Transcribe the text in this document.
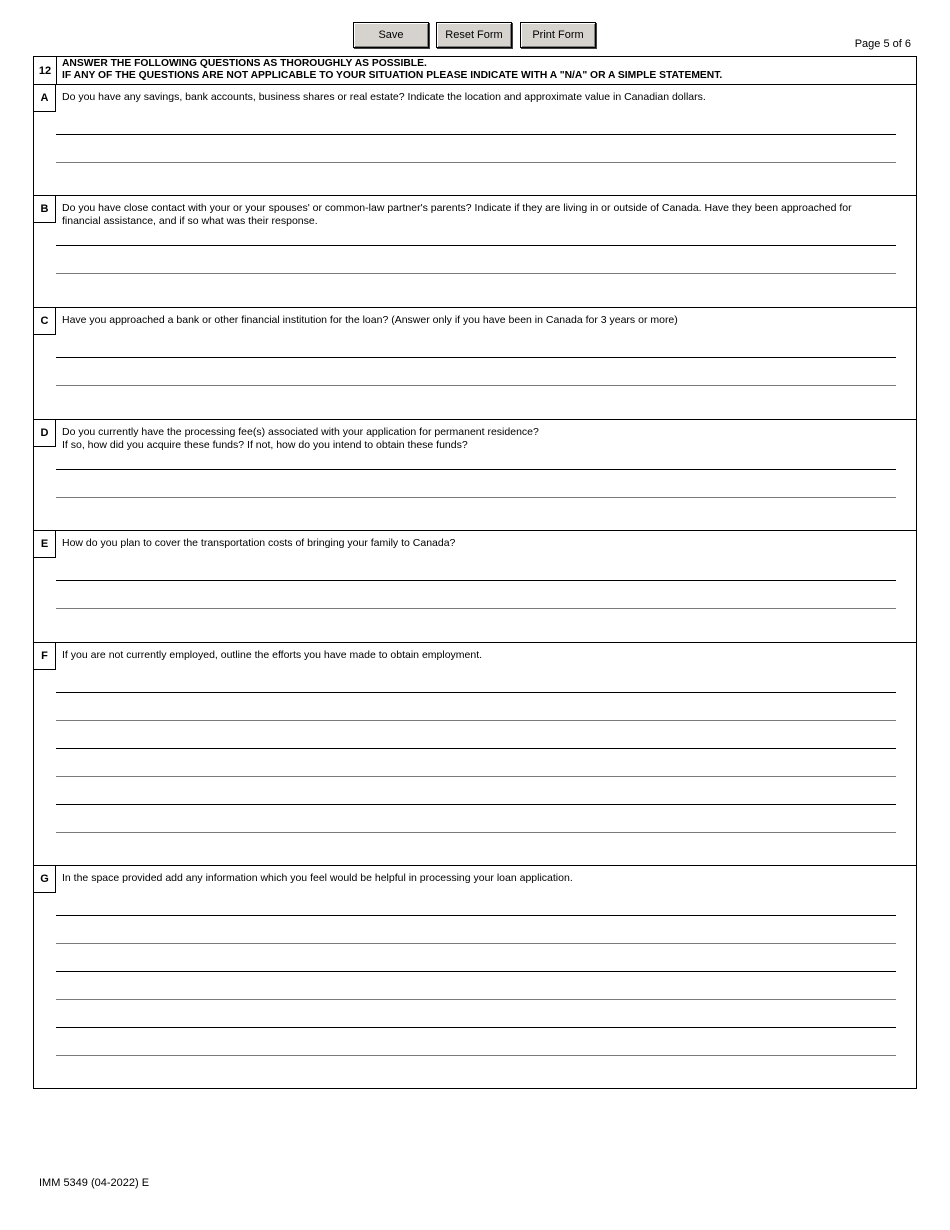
Save	Reset Form	Print Form
Page 5 of 6
12
ANSWER THE FOLLOWING QUESTIONS AS THOROUGHLY AS POSSIBLE.
IF ANY OF THE QUESTIONS ARE NOT APPLICABLE TO YOUR SITUATION PLEASE INDICATE WITH A "N/A" OR A SIMPLE STATEMENT.
A	Do you have any savings, bank accounts, business shares or real estate? Indicate the location and approximate value in Canadian dollars.
B	Do you have close contact with your or your spouses' or common-law partner's parents? Indicate if they are living in or outside of Canada. Have they been approached for financial assistance, and if so what was their response.
C	Have you approached a bank or other financial institution for the loan? (Answer only if you have been in Canada for 3 years or more)
D	Do you currently have the processing fee(s) associated with your application for permanent residence?
If so, how did you acquire these funds? If not, how do you intend to obtain these funds?
E	How do you plan to cover the transportation costs of bringing your family to Canada?
F	If you are not currently employed, outline the efforts you have made to obtain employment.
G	In the space provided add any information which you feel would be helpful in processing your loan application.
IMM 5349 (04-2022) E
